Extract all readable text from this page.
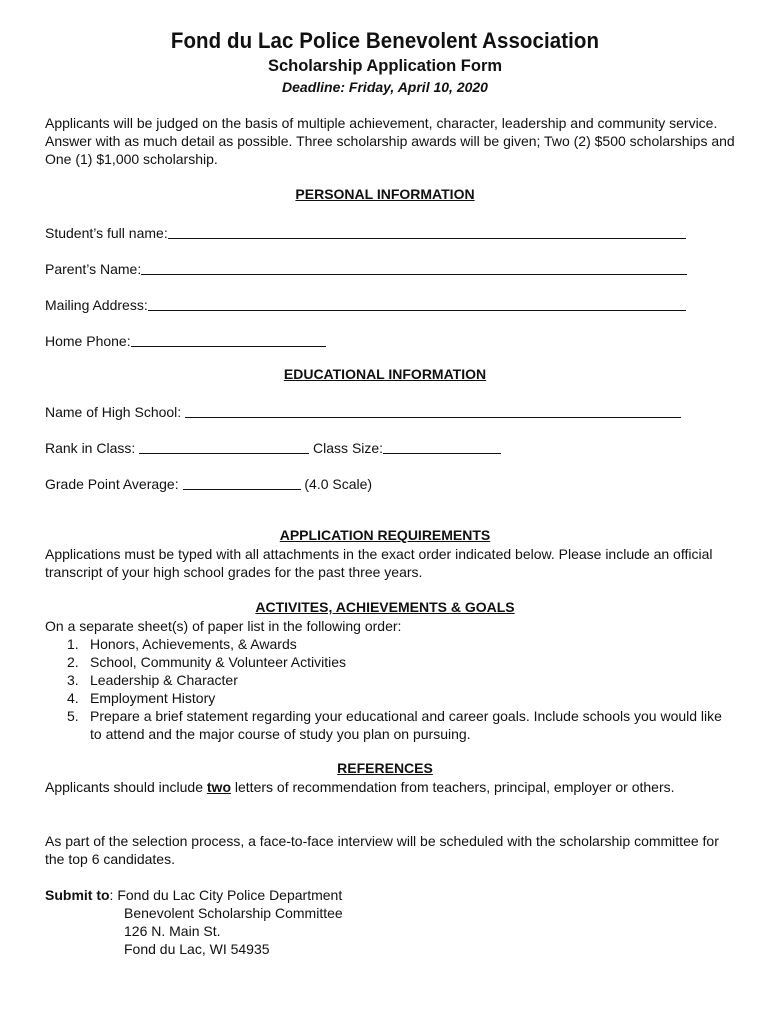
Fond du Lac Police Benevolent Association
Scholarship Application Form
Deadline: Friday, April 10, 2020
Applicants will be judged on the basis of multiple achievement, character, leadership and community service. Answer with as much detail as possible. Three scholarship awards will be given; Two (2) $500 scholarships and One (1) $1,000 scholarship.
PERSONAL INFORMATION
Student’s full name:
Parent’s Name:
Mailing Address:
Home Phone:
EDUCATIONAL INFORMATION
Name of High School:
Rank in Class:	Class Size:
Grade Point Average:	(4.0 Scale)
APPLICATION REQUIREMENTS
Applications must be typed with all attachments in the exact order indicated below. Please include an official transcript of your high school grades for the past three years.
ACTIVITES, ACHIEVEMENTS & GOALS
On a separate sheet(s) of paper list in the following order:
1. Honors, Achievements, & Awards
2. School, Community & Volunteer Activities
3. Leadership & Character
4. Employment History
5. Prepare a brief statement regarding your educational and career goals. Include schools you would like to attend and the major course of study you plan on pursuing.
REFERENCES
Applicants should include two letters of recommendation from teachers, principal, employer or others.
As part of the selection process, a face-to-face interview will be scheduled with the scholarship committee for the top 6 candidates.
Submit to: Fond du Lac City Police Department
Benevolent Scholarship Committee
126 N. Main St.
Fond du Lac, WI 54935
